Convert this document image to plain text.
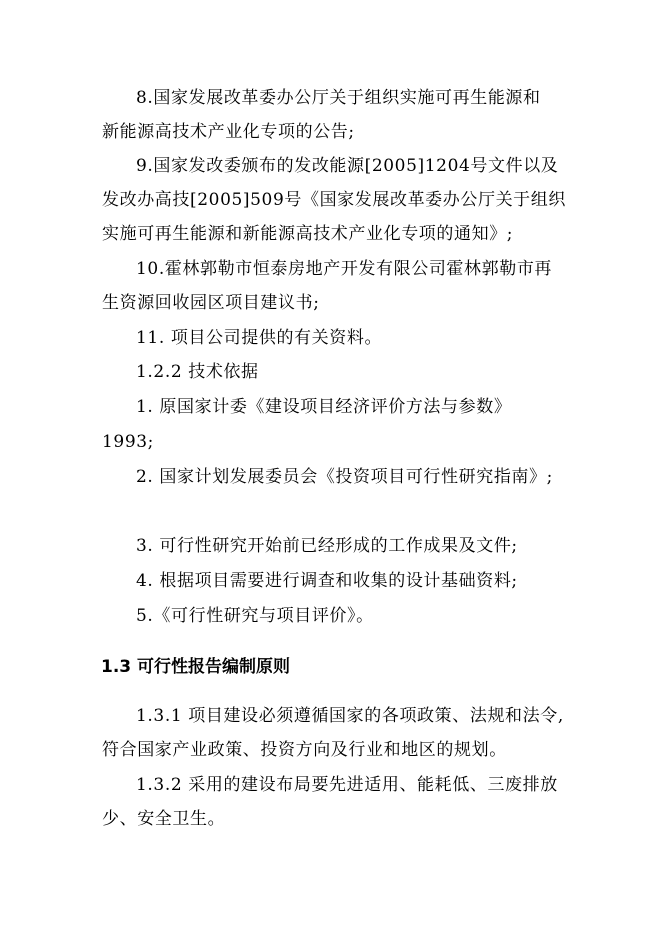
8.国家发展改革委办公厅关于组织实施可再生能源和
新能源高技术产业化专项的公告;
9.国家发改委颁布的发改能源[2005]1204号文件以及
发改办高技[2005]509号《国家发展改革委办公厅关于组织
实施可再生能源和新能源高技术产业化专项的通知》;
10.霍林郭勒市恒泰房地产开发有限公司霍林郭勒市再
生资源回收园区项目建议书;
11. 项目公司提供的有关资料。
1.2.2 技术依据
1. 原国家计委《建设项目经济评价方法与参数》
1993;
2. 国家计划发展委员会《投资项目可行性研究指南》;
3. 可行性研究开始前已经形成的工作成果及文件;
4. 根据项目需要进行调查和收集的设计基础资料;
5.《可行性研究与项目评价》。
1.3 可行性报告编制原则
1.3.1 项目建设必须遵循国家的各项政策、法规和法令,
符合国家产业政策、投资方向及行业和地区的规划。
1.3.2 采用的建设布局要先进适用、能耗低、三废排放
少、安全卫生。
